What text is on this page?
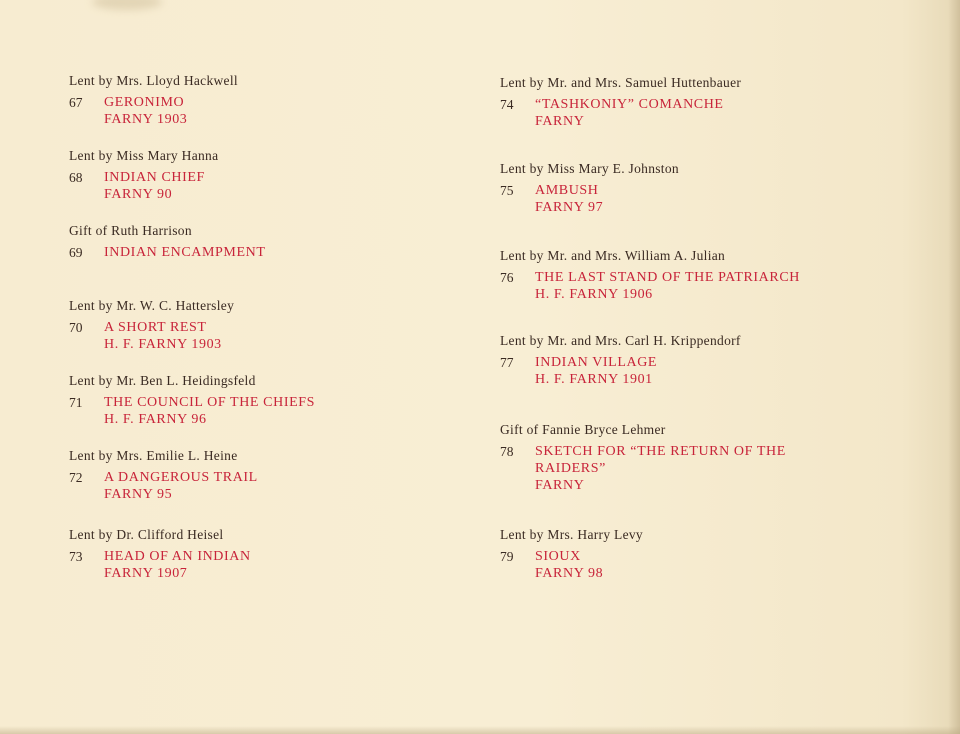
Lent by Mrs. Lloyd Hackwell
67	GERONIMO
FARNY 1903
Lent by Miss Mary Hanna
68	INDIAN CHIEF
FARNY 90
Gift of Ruth Harrison
69	INDIAN ENCAMPMENT
Lent by Mr. W. C. Hattersley
70	A SHORT REST
H. F. FARNY 1903
Lent by Mr. Ben L. Heidingsfeld
71	THE COUNCIL OF THE CHIEFS
H. F. FARNY 96
Lent by Mrs. Emilie L. Heine
72	A DANGEROUS TRAIL
FARNY 95
Lent by Dr. Clifford Heisel
73	HEAD OF AN INDIAN
FARNY 1907
Lent by Mr. and Mrs. Samuel Huttenbauer
74	“TASHKONIY” COMANCHE
FARNY
Lent by Miss Mary E. Johnston
75	AMBUSH
FARNY 97
Lent by Mr. and Mrs. William A. Julian
76	THE LAST STAND OF THE PATRIARCH
H. F. FARNY 1906
Lent by Mr. and Mrs. Carl H. Krippendorf
77	INDIAN VILLAGE
H. F. FARNY 1901
Gift of Fannie Bryce Lehmer
78	SKETCH FOR “THE RETURN OF THE
RAIDERS”
FARNY
Lent by Mrs. Harry Levy
79	SIOUX
FARNY 98
